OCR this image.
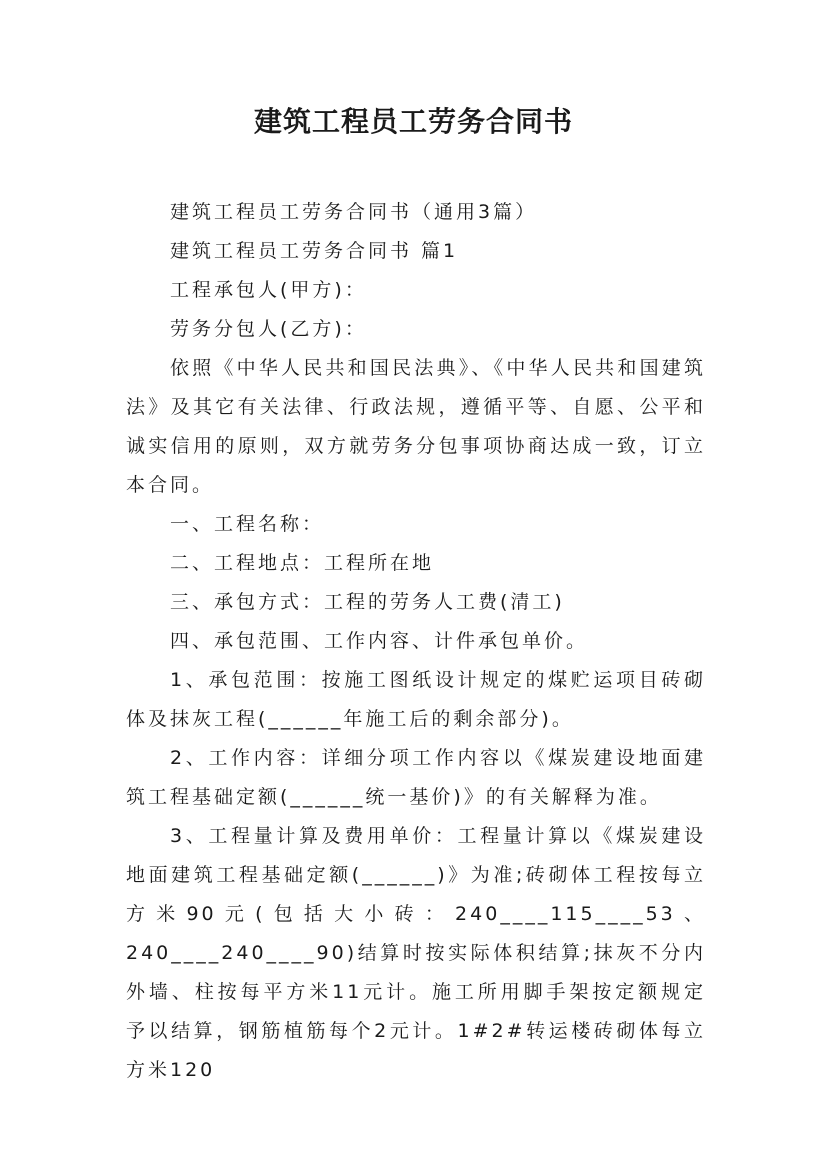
建筑工程员工劳务合同书

建筑工程员工劳务合同书（通用3篇）

建筑工程员工劳务合同书 篇1

工程承包人(甲方)：

劳务分包人(乙方)：

依照《中华人民共和国民法典》、《中华人民共和国建筑法》及其它有关法律、行政法规，遵循平等、自愿、公平和诚实信用的原则，双方就劳务分包事项协商达成一致，订立本合同。

一、工程名称：

二、工程地点：工程所在地

三、承包方式：工程的劳务人工费(清工)

四、承包范围、工作内容、计件承包单价。

1、承包范围：按施工图纸设计规定的煤贮运项目砖砌体及抹灰工程(______年施工后的剩余部分)。

2、工作内容：详细分项工作内容以《煤炭建设地面建筑工程基础定额(______统一基价)》的有关解释为准。

3、工程量计算及费用单价：工程量计算以《煤炭建设地面建筑工程基础定额(______)》为准;砖砌体工程按每立方米90元(包括大小砖：240____115____53、240____240____90)结算时按实际体积结算;抹灰不分内外墙、柱按每平方米11元计。施工所用脚手架按定额规定予以结算，钢筋植筋每个2元计。1#2#转运楼砖砌体每立方米120
